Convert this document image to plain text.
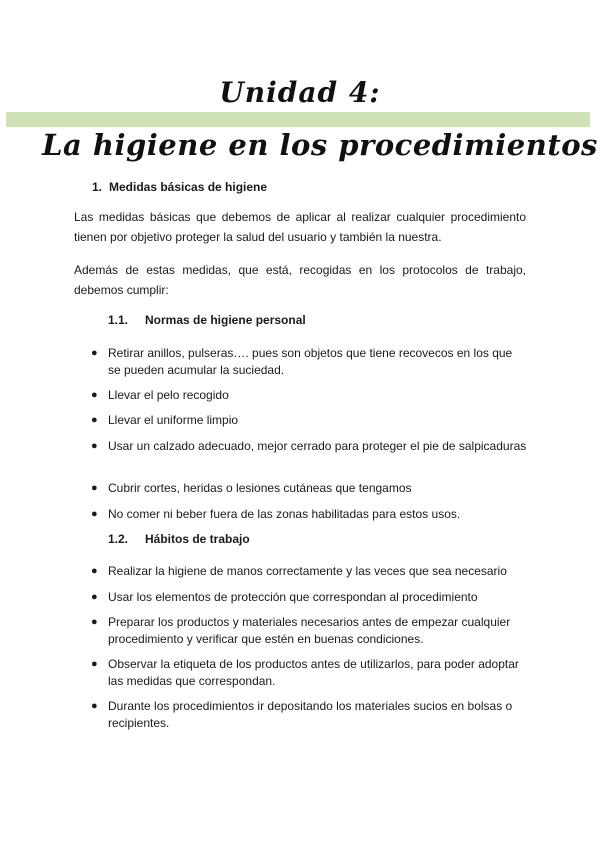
Unidad 4:
La higiene en los procedimientos
1. Medidas básicas de higiene
Las medidas básicas que debemos de aplicar al realizar cualquier procedimiento tienen por objetivo proteger la salud del usuario y también la nuestra.
Además de estas medidas, que está, recogidas en los protocolos de trabajo, debemos cumplir:
1.1. Normas de higiene personal
● Retirar anillos, pulseras…. pues son objetos que tiene recovecos en los que se pueden acumular la suciedad.
● Llevar el pelo recogido
● Llevar el uniforme limpio
● Usar un calzado adecuado, mejor cerrado para proteger el pie de salpicaduras
● Cubrir cortes, heridas o lesiones cutáneas que tengamos
● No comer ni beber fuera de las zonas habilitadas para estos usos.
1.2. Hábitos de trabajo
● Realizar la higiene de manos correctamente y las veces que sea necesario
● Usar los elementos de protección que correspondan al procedimiento
● Preparar los productos y materiales necesarios antes de empezar cualquier procedimiento y verificar que estén en buenas condiciones.
● Observar la etiqueta de los productos antes de utilizarlos, para poder adoptar las medidas que correspondan.
● Durante los procedimientos ir depositando los materiales sucios en bolsas o recipientes.
